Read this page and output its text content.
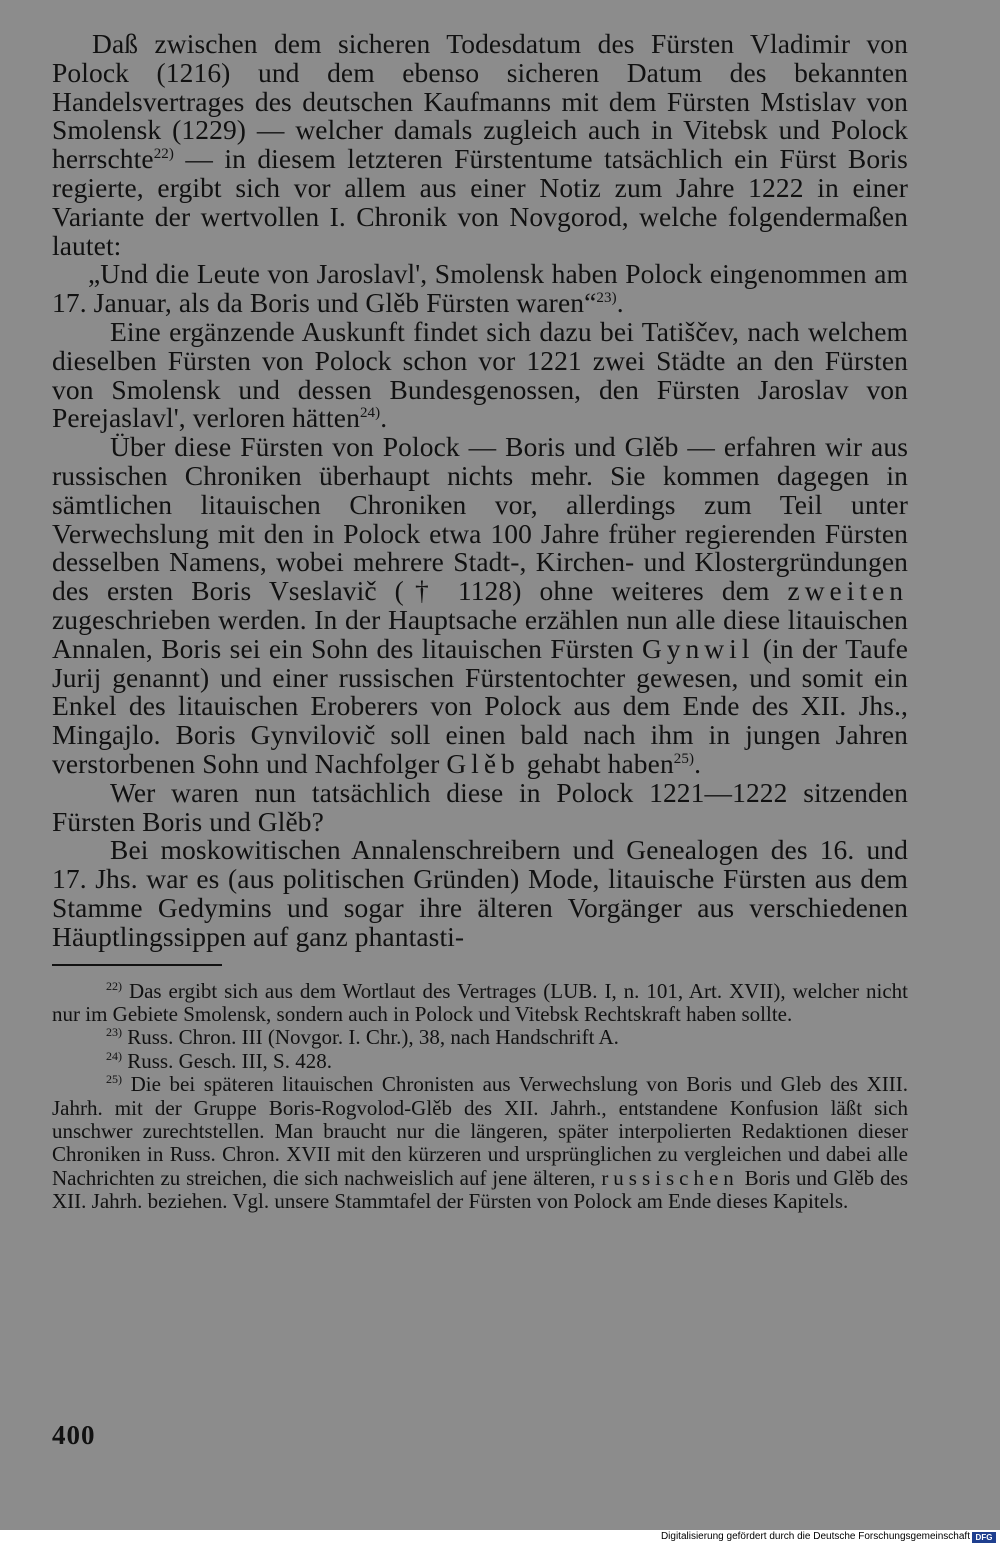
Daß zwischen dem sicheren Todesdatum des Fürsten Vladimir von Polock (1216) und dem ebenso sicheren Datum des bekannten Handelsvertrages des deutschen Kaufmanns mit dem Fürsten Mstislav von Smolensk (1229) — welcher damals zugleich auch in Vitebsk und Polock herrschte$^{22)}$ — in diesem letzteren Fürstentume tatsächlich ein Fürst Boris regierte, ergibt sich vor allem aus einer Notiz zum Jahre 1222 in einer Variante der wertvollen I. Chronik von Novgorod, welche folgendermaßen lautet:

„Und die Leute von Jaroslavl', Smolensk haben Polock eingenommen am 17. Januar, als da Boris und Glěb Fürsten waren“$^{23)}$.

Eine ergänzende Auskunft findet sich dazu bei Tatiščev, nach welchem dieselben Fürsten von Polock schon vor 1221 zwei Städte an den Fürsten von Smolensk und dessen Bundesgenossen, den Fürsten Jaroslav von Perejaslavl', verloren hätten$^{24)}$.

Über diese Fürsten von Polock — Boris und Glěb — erfahren wir aus russischen Chroniken überhaupt nichts mehr. Sie kommen dagegen in sämtlichen litauischen Chroniken vor, allerdings zum Teil unter Verwechslung mit den in Polock etwa 100 Jahre früher regierenden Fürsten desselben Namens, wobei mehrere Stadt-, Kirchen- und Klostergründungen des ersten Boris Vseslavič († 1128) ohne weiteres dem zweiten zugeschrieben werden. In der Hauptsache erzählen nun alle diese litauischen Annalen, Boris sei ein Sohn des litauischen Fürsten Gynwil (in der Taufe Jurij genannt) und einer russischen Fürstentochter gewesen, und somit ein Enkel des litauischen Eroberers von Polock aus dem Ende des XII. Jhs., Mingajlo. Boris Gynvilovič soll einen bald nach ihm in jungen Jahren verstorbenen Sohn und Nachfolger Glěb gehabt haben$^{25)}$.

Wer waren nun tatsächlich diese in Polock 1221—1222 sitzenden Fürsten Boris und Glěb?

Bei moskowitischen Annalenschreibern und Genealogen des 16. und 17. Jhs. war es (aus politischen Gründen) Mode, litauische Fürsten aus dem Stamme Gedymins und sogar ihre älteren Vorgänger aus verschiedenen Häuptlingssippen auf ganz phantasti-

$^{22)}$ Das ergibt sich aus dem Wortlaut des Vertrages (LUB. I, n. 101, Art. XVII), welcher nicht nur im Gebiete Smolensk, sondern auch in Polock und Vitebsk Rechtskraft haben sollte.

$^{23)}$ Russ. Chron. III (Novgor. I. Chr.), 38, nach Handschrift A.

$^{24)}$ Russ. Gesch. III, S. 428.

$^{25)}$ Die bei späteren litauischen Chronisten aus Verwechslung von Boris und Gleb des XIII. Jahrh. mit der Gruppe Boris-Rogvolod-Glěb des XII. Jahrh., entstandene Konfusion läßt sich unschwer zurechtstellen. Man braucht nur die längeren, später interpolierten Redaktionen dieser Chroniken in Russ. Chron. XVII mit den kürzeren und ursprünglichen zu vergleichen und dabei alle Nachrichten zu streichen, die sich nachweislich auf jene älteren, russischen Boris und Glěb des XII. Jahrh. beziehen. Vgl. unsere Stammtafel der Fürsten von Polock am Ende dieses Kapitels.

400
Digitalisierung gefördert durch die Deutsche Forschungsgemeinschaft DFG
